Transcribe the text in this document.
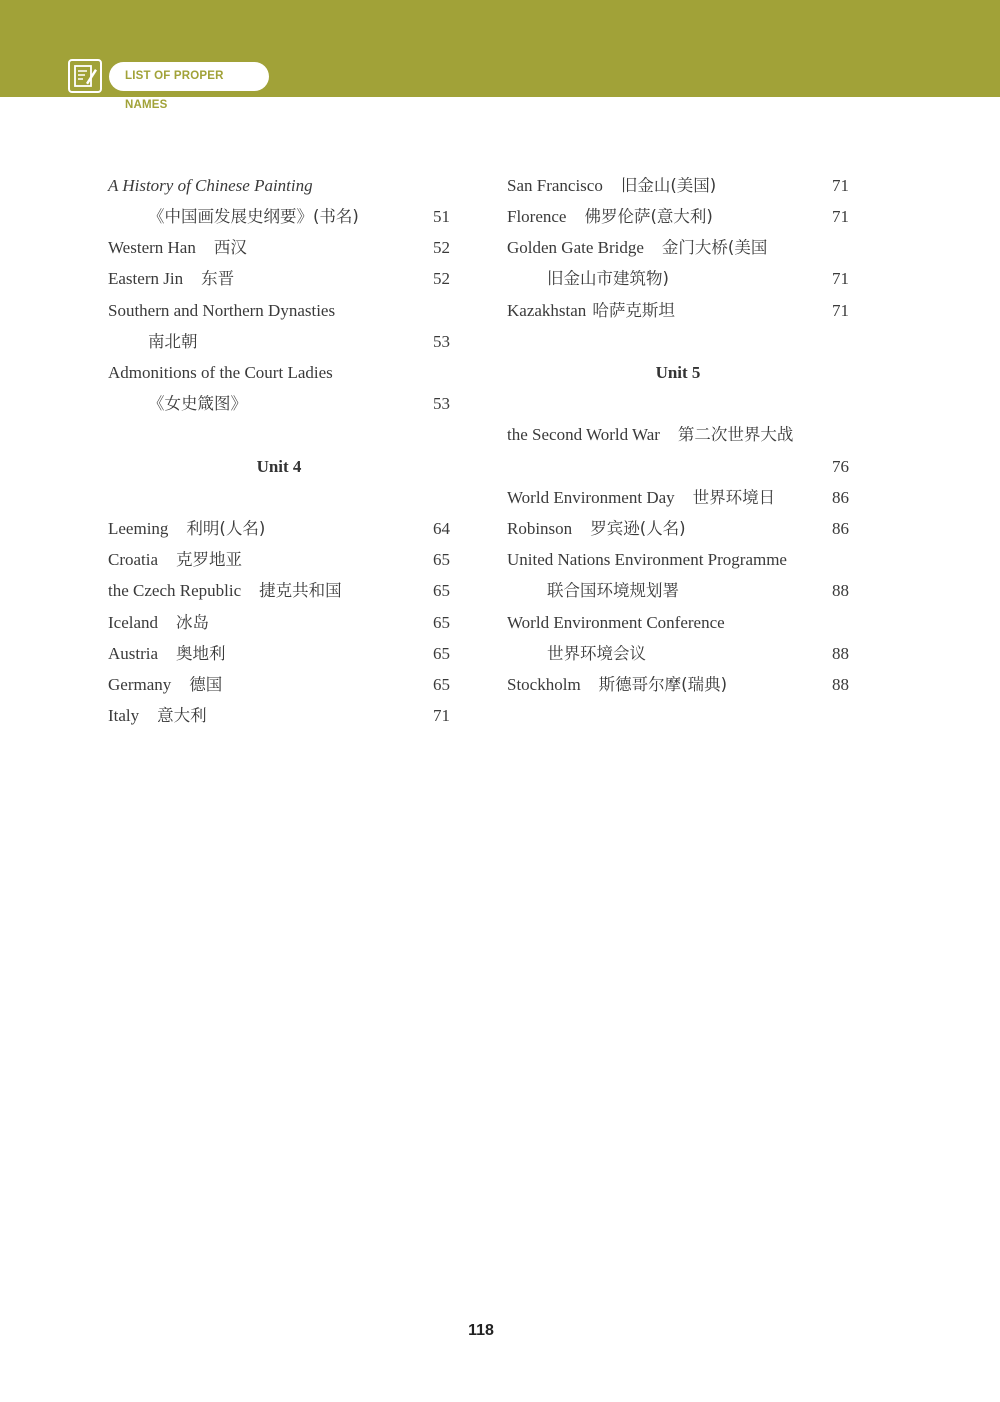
LIST OF PROPER NAMES
A History of Chinese Painting
《中国画发展史纲要》(书名)	51
Western Han 西汉	52
Eastern Jin 东晋	52
Southern and Northern Dynasties
南北朝	53
Admonitions of the Court Ladies
《女史箴图》	53
Unit 4
Leeming 利明(人名)	64
Croatia 克罗地亚	65
the Czech Republic 捷克共和国	65
Iceland 冰岛	65
Austria 奥地利	65
Germany 德国	65
Italy 意大利	71
San Francisco 旧金山(美国)	71
Florence 佛罗伦萨(意大利)	71
Golden Gate Bridge 金门大桥(美国
旧金山市建筑物)	71
Kazakhstan 哈萨克斯坦	71
Unit 5
the Second World War 第二次世界大战
76
World Environment Day 世界环境日	86
Robinson 罗宾逊(人名)	86
United Nations Environment Programme
联合国环境规划署	88
World Environment Conference
世界环境会议	88
Stockholm 斯德哥尔摩(瑞典)	88
118
